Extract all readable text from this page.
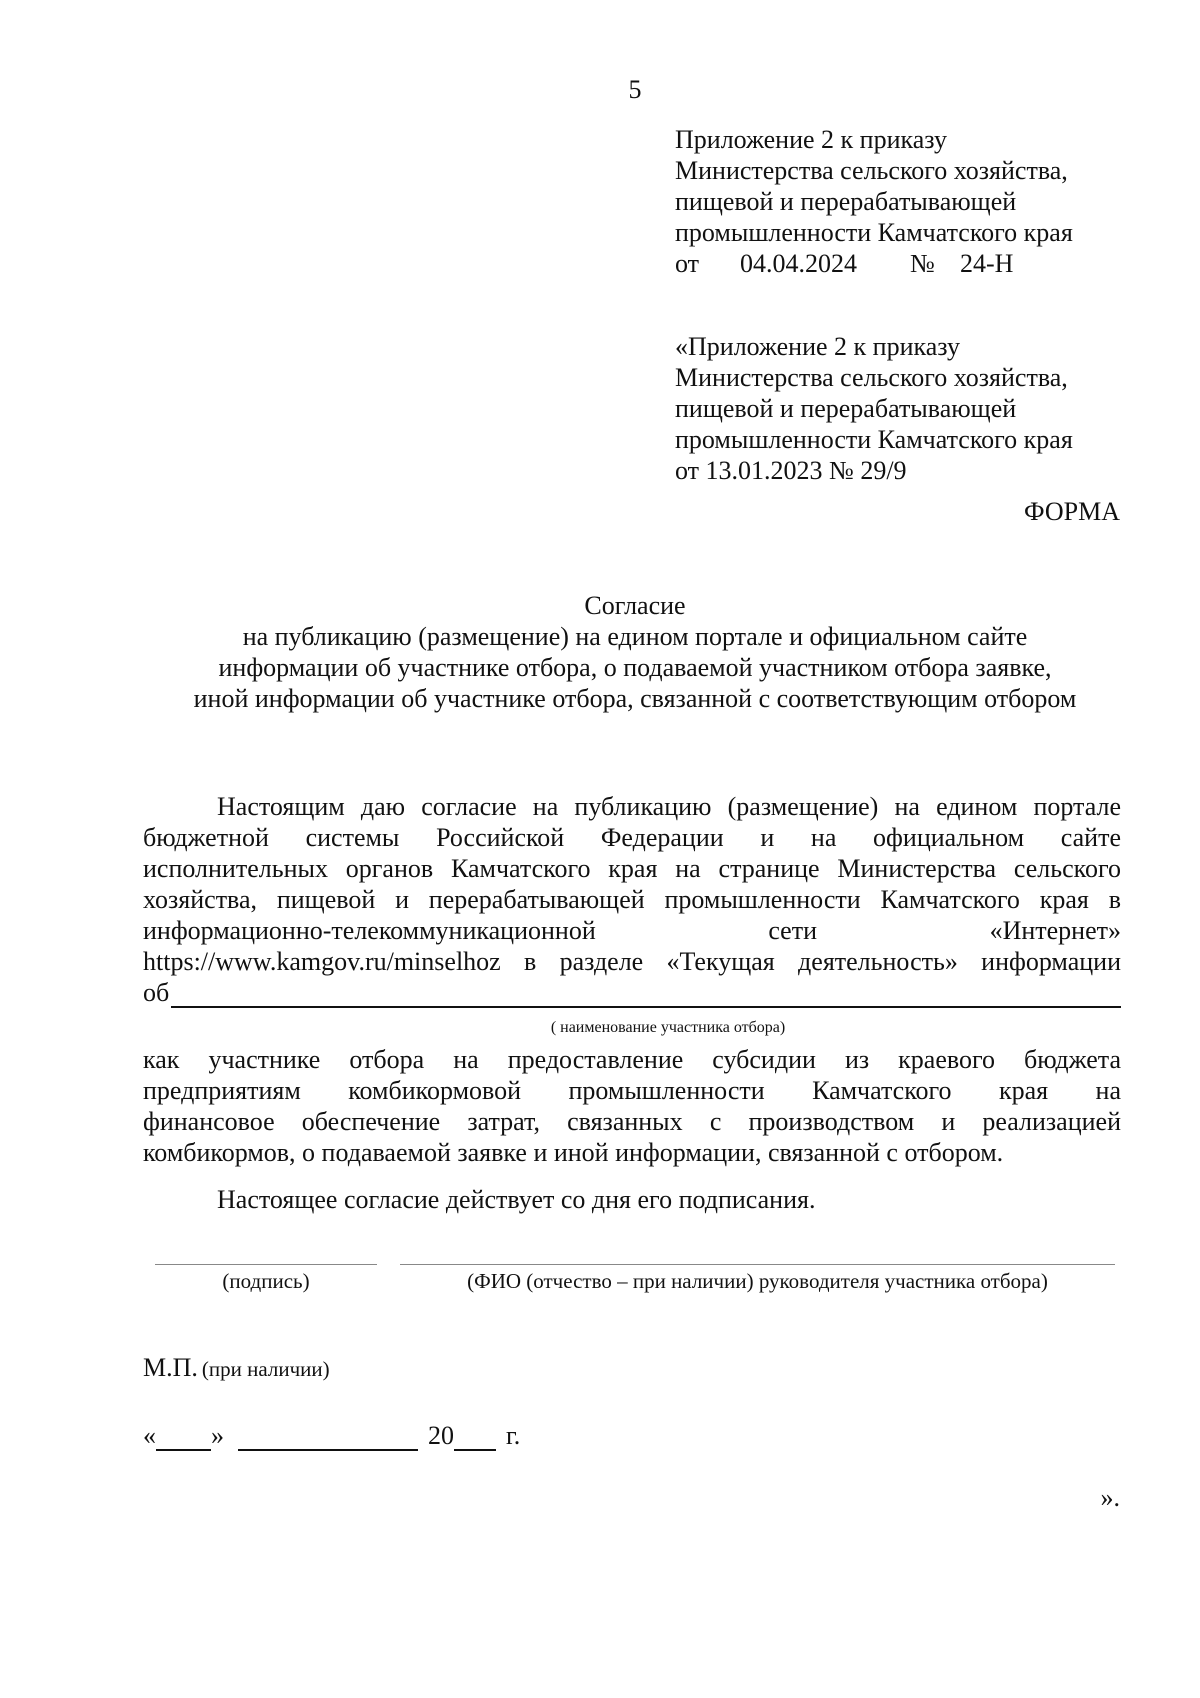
5
Приложение 2 к приказу
Министерства сельского хозяйства,
пищевой и перерабатывающей
промышленности Камчатского края
от	04.04.2024	№ 24-Н
«Приложение 2 к приказу
Министерства сельского хозяйства,
пищевой и перерабатывающей
промышленности Камчатского края
от 13.01.2023 № 29/9
ФОРМА
Согласие
на публикацию (размещение) на едином портале и официальном сайте
информации об участнике отбора, о подаваемой участником отбора заявке,
иной информации об участнике отбора, связанной с соответствующим отбором
Настоящим даю согласие на публикацию (размещение) на едином портале
бюджетной системы Российской Федерации и на официальном сайте
исполнительных органов Камчатского края на странице Министерства сельского
хозяйства, пищевой и перерабатывающей промышленности Камчатского края в
информационно-телекоммуникационной сети «Интернет»
https://www.kamgov.ru/minselhoz в разделе «Текущая деятельность» информации
об
( наименование участника отбора)
как участнике отбора на предоставление субсидии из краевого бюджета
предприятиям комбикормовой промышленности Камчатского края на
финансовое обеспечение затрат, связанных с производством и реализацией
комбикормов, о подаваемой заявке и иной информации, связанной с отбором.
Настоящее согласие действует со дня его подписания.
(подпись)	(ФИО (отчество – при наличии) руководителя участника отбора)
М.П. (при наличии)
« »	20 г.
».
